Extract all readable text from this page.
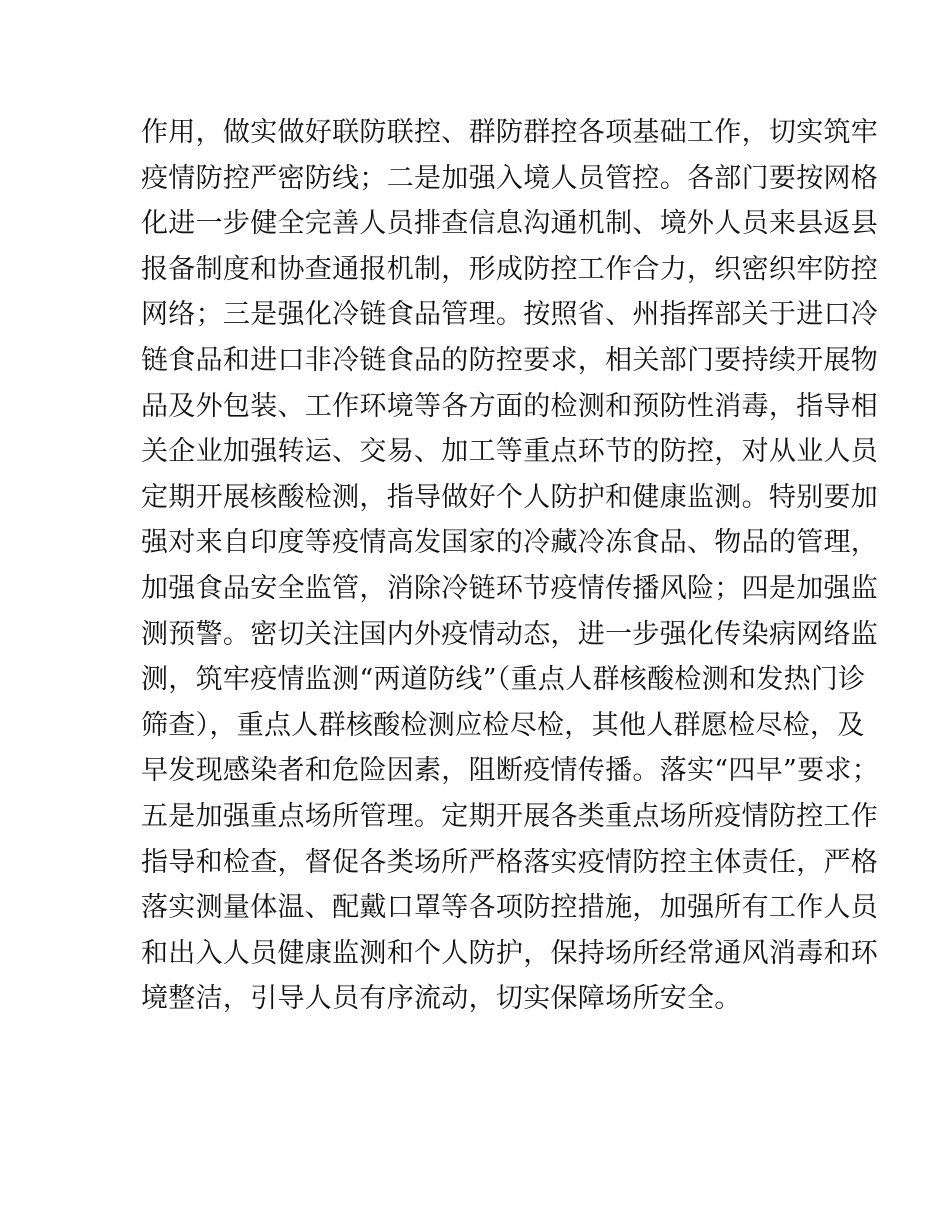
作用，做实做好联防联控、群防群控各项基础工作，切实筑牢
疫情防控严密防线；二是加强入境人员管控。各部门要按网格
化进一步健全完善人员排查信息沟通机制、境外人员来县返县
报备制度和协查通报机制，形成防控工作合力，织密织牢防控
网络；三是强化冷链食品管理。按照省、州指挥部关于进口冷
链食品和进口非冷链食品的防控要求，相关部门要持续开展物
品及外包装、工作环境等各方面的检测和预防性消毒，指导相
关企业加强转运、交易、加工等重点环节的防控，对从业人员
定期开展核酸检测，指导做好个人防护和健康监测。特别要加
强对来自印度等疫情高发国家的冷藏冷冻食品、物品的管理，
加强食品安全监管，消除冷链环节疫情传播风险；四是加强监
测预警。密切关注国内外疫情动态，进一步强化传染病网络监
测，筑牢疫情监测“两道防线”（重点人群核酸检测和发热门诊
筛查），重点人群核酸检测应检尽检，其他人群愿检尽检，及
早发现感染者和危险因素，阻断疫情传播。落实“四早”要求；
五是加强重点场所管理。定期开展各类重点场所疫情防控工作
指导和检查，督促各类场所严格落实疫情防控主体责任，严格
落实测量体温、配戴口罩等各项防控措施，加强所有工作人员
和出入人员健康监测和个人防护，保持场所经常通风消毒和环
境整洁，引导人员有序流动，切实保障场所安全。
